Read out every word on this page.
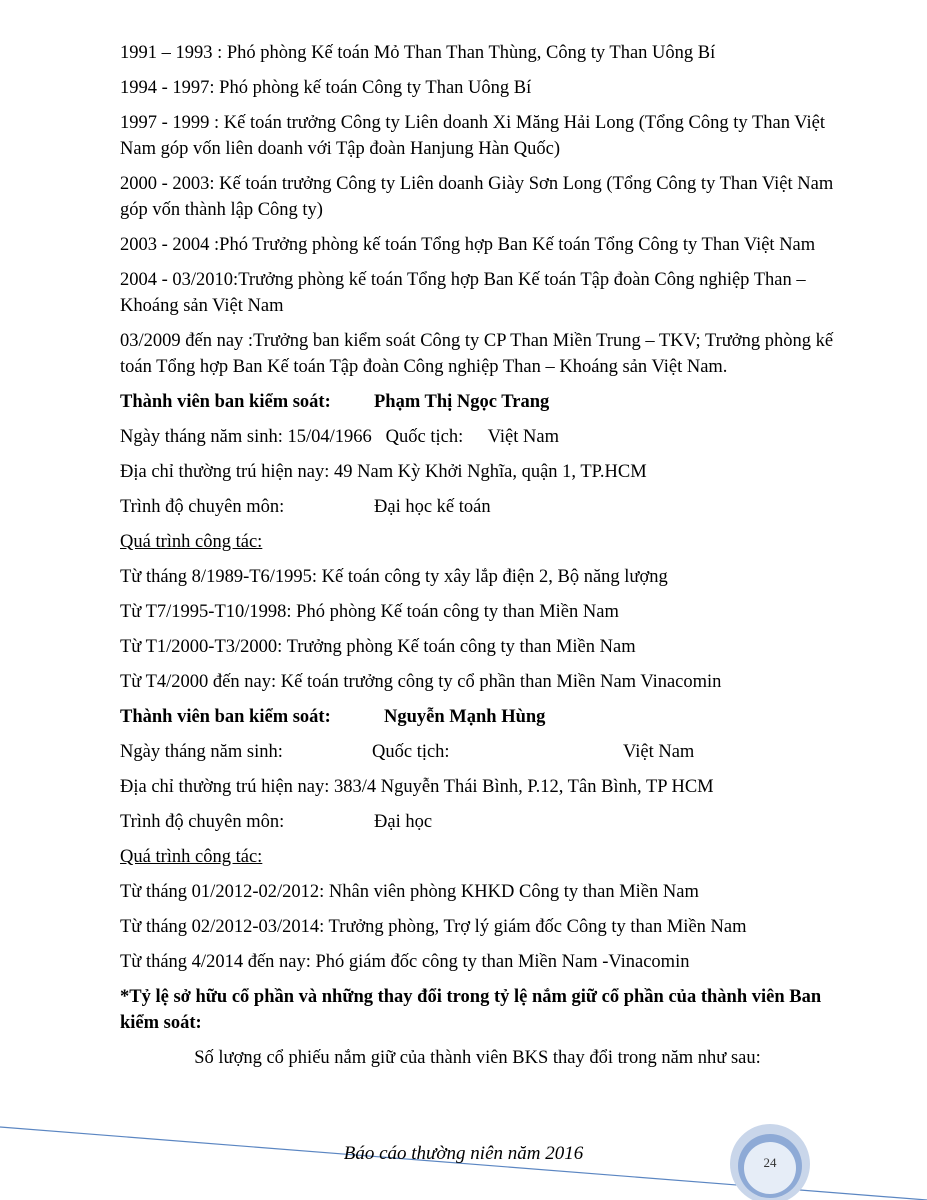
1991 – 1993 : Phó phòng Kế toán Mỏ Than Than Thùng, Công ty Than Uông Bí

1994 - 1997: Phó phòng kế toán Công ty Than Uông Bí

1997 - 1999 : Kế toán trưởng Công ty Liên doanh Xi Măng Hải Long (Tổng Công ty Than Việt Nam góp vốn liên doanh với Tập đoàn Hanjung Hàn Quốc)

2000 - 2003: Kế toán trưởng Công ty Liên doanh Giày Sơn Long (Tổng Công ty Than Việt Nam góp vốn thành lập Công ty)

2003 - 2004 :Phó Trưởng phòng kế toán Tổng hợp Ban Kế toán Tổng Công ty Than Việt Nam

2004 - 03/2010:Trưởng phòng kế toán Tổng hợp Ban Kế toán Tập đoàn Công nghiệp Than – Khoáng sản Việt Nam

03/2009 đến nay :Trưởng ban kiểm soát Công ty CP Than Miền Trung – TKV; Trưởng phòng kế toán Tổng hợp Ban Kế toán Tập đoàn Công nghiệp Than – Khoáng sản Việt Nam.

Thành viên ban kiểm soát: Phạm Thị Ngọc Trang

Ngày tháng năm sinh: 15/04/1966 Quốc tịch: Việt Nam

Địa chỉ thường trú hiện nay: 49 Nam Kỳ Khởi Nghĩa, quận 1, TP.HCM

Trình độ chuyên môn:	Đại học kế toán

Quá trình công tác:

Từ tháng 8/1989-T6/1995: Kế toán công ty xây lắp điện 2, Bộ năng lượng

Từ T7/1995-T10/1998: Phó phòng Kế toán công ty than Miền Nam

Từ T1/2000-T3/2000: Trưởng phòng Kế toán công ty than Miền Nam

Từ T4/2000 đến nay: Kế toán trưởng công ty cổ phần than Miền Nam Vinacomin

Thành viên ban kiểm soát:	Nguyễn Mạnh Hùng

Ngày tháng năm sinh:	Quốc tịch:	Việt Nam

Địa chỉ thường trú hiện nay: 383/4 Nguyễn Thái Bình, P.12, Tân Bình, TP HCM

Trình độ chuyên môn:	Đại học

Quá trình công tác:

Từ tháng 01/2012-02/2012: Nhân viên phòng KHKD Công ty than Miền Nam

Từ tháng 02/2012-03/2014: Trưởng phòng, Trợ lý giám đốc Công ty than Miền Nam

Từ tháng 4/2014 đến nay: Phó giám đốc công ty than Miền Nam -Vinacomin

*Tỷ lệ sở hữu cổ phần và những thay đổi trong tỷ lệ nắm giữ cổ phần của thành viên Ban kiểm soát:

Số lượng cổ phiếu nắm giữ của thành viên BKS thay đổi trong năm như sau:

Báo cáo thường niên năm 2016	24
